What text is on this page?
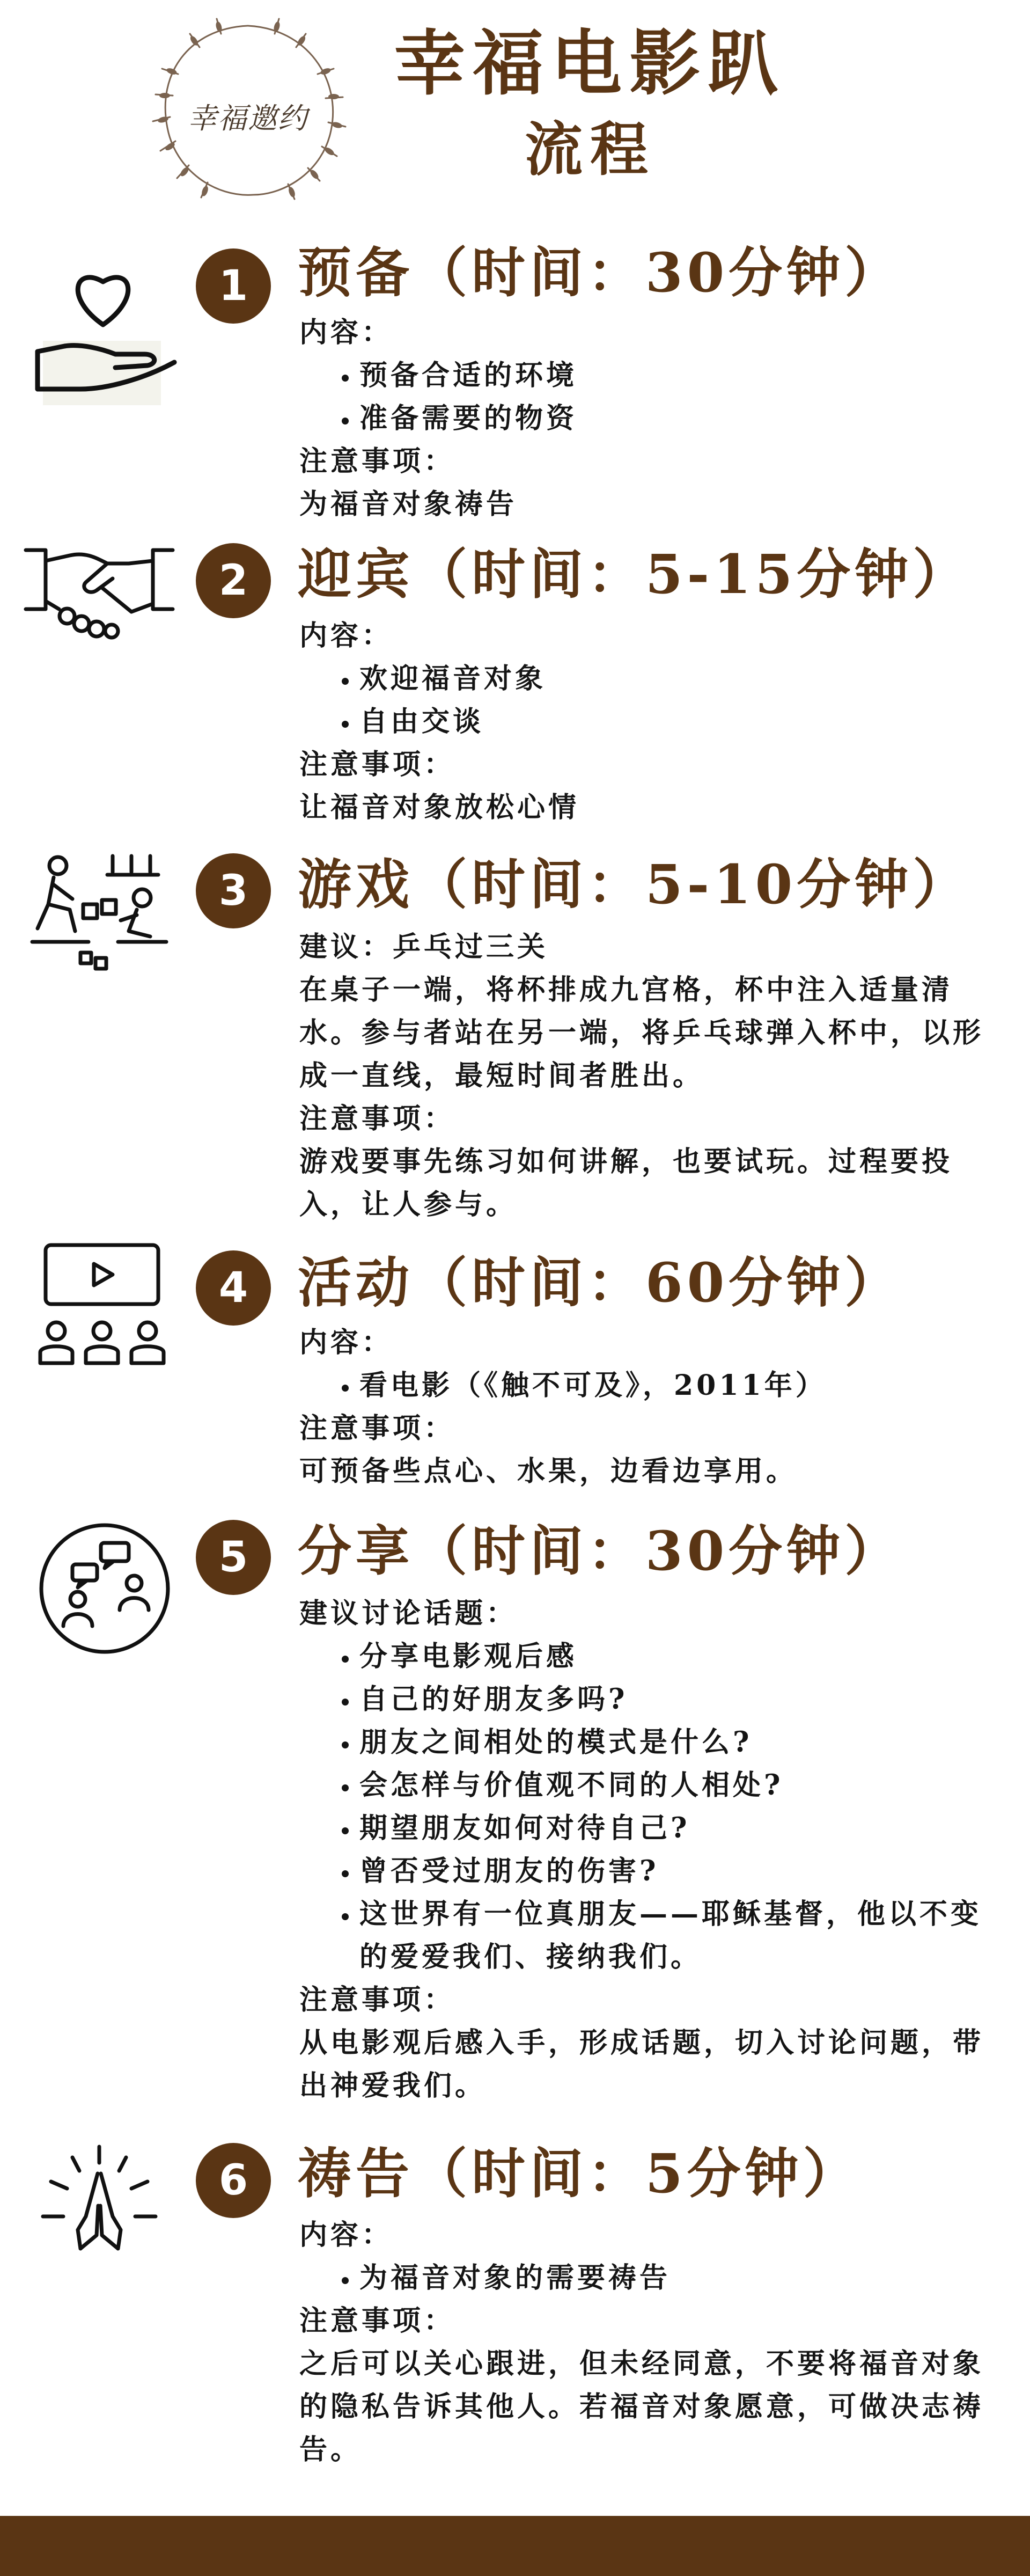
幸福邀约
幸福电影趴
流程
1 预备（时间：30分钟）

内容：

• 预备合适的环境
• 准备需要的物资

注意事项：

为福音对象祷告

2 迎宾（时间：5-15分钟）

内容：

• 欢迎福音对象
• 自由交谈

注意事项：

让福音对象放松心情

3 游戏（时间：5-10分钟）

建议：乒乓过三关

在桌子一端，将杯排成九宫格，杯中注入适量清水。参与者站在另一端，将乒乓球弹入杯中，以形成一直线，最短时间者胜出。

注意事项：

游戏要事先练习如何讲解，也要试玩。过程要投入，让人参与。

4 活动（时间：60分钟）

内容：

• 看电影（《触不可及》，2011年）

注意事项：

可预备些点心、水果，边看边享用。

5 分享（时间：30分钟）

建议讨论话题：

• 分享电影观后感
• 自己的好朋友多吗?
• 朋友之间相处的模式是什么?
• 会怎样与价值观不同的人相处?
• 期望朋友如何对待自己?
• 曾否受过朋友的伤害?
• 这世界有一位真朋友——耶稣基督，他以不变的爱爱我们、接纳我们。

注意事项：

从电影观后感入手，形成话题，切入讨论问题，带出神爱我们。

6 祷告（时间：5分钟）

内容：

• 为福音对象的需要祷告

注意事项：

之后可以关心跟进，但未经同意，不要将福音对象的隐私告诉其他人。若福音对象愿意，可做决志祷告。
